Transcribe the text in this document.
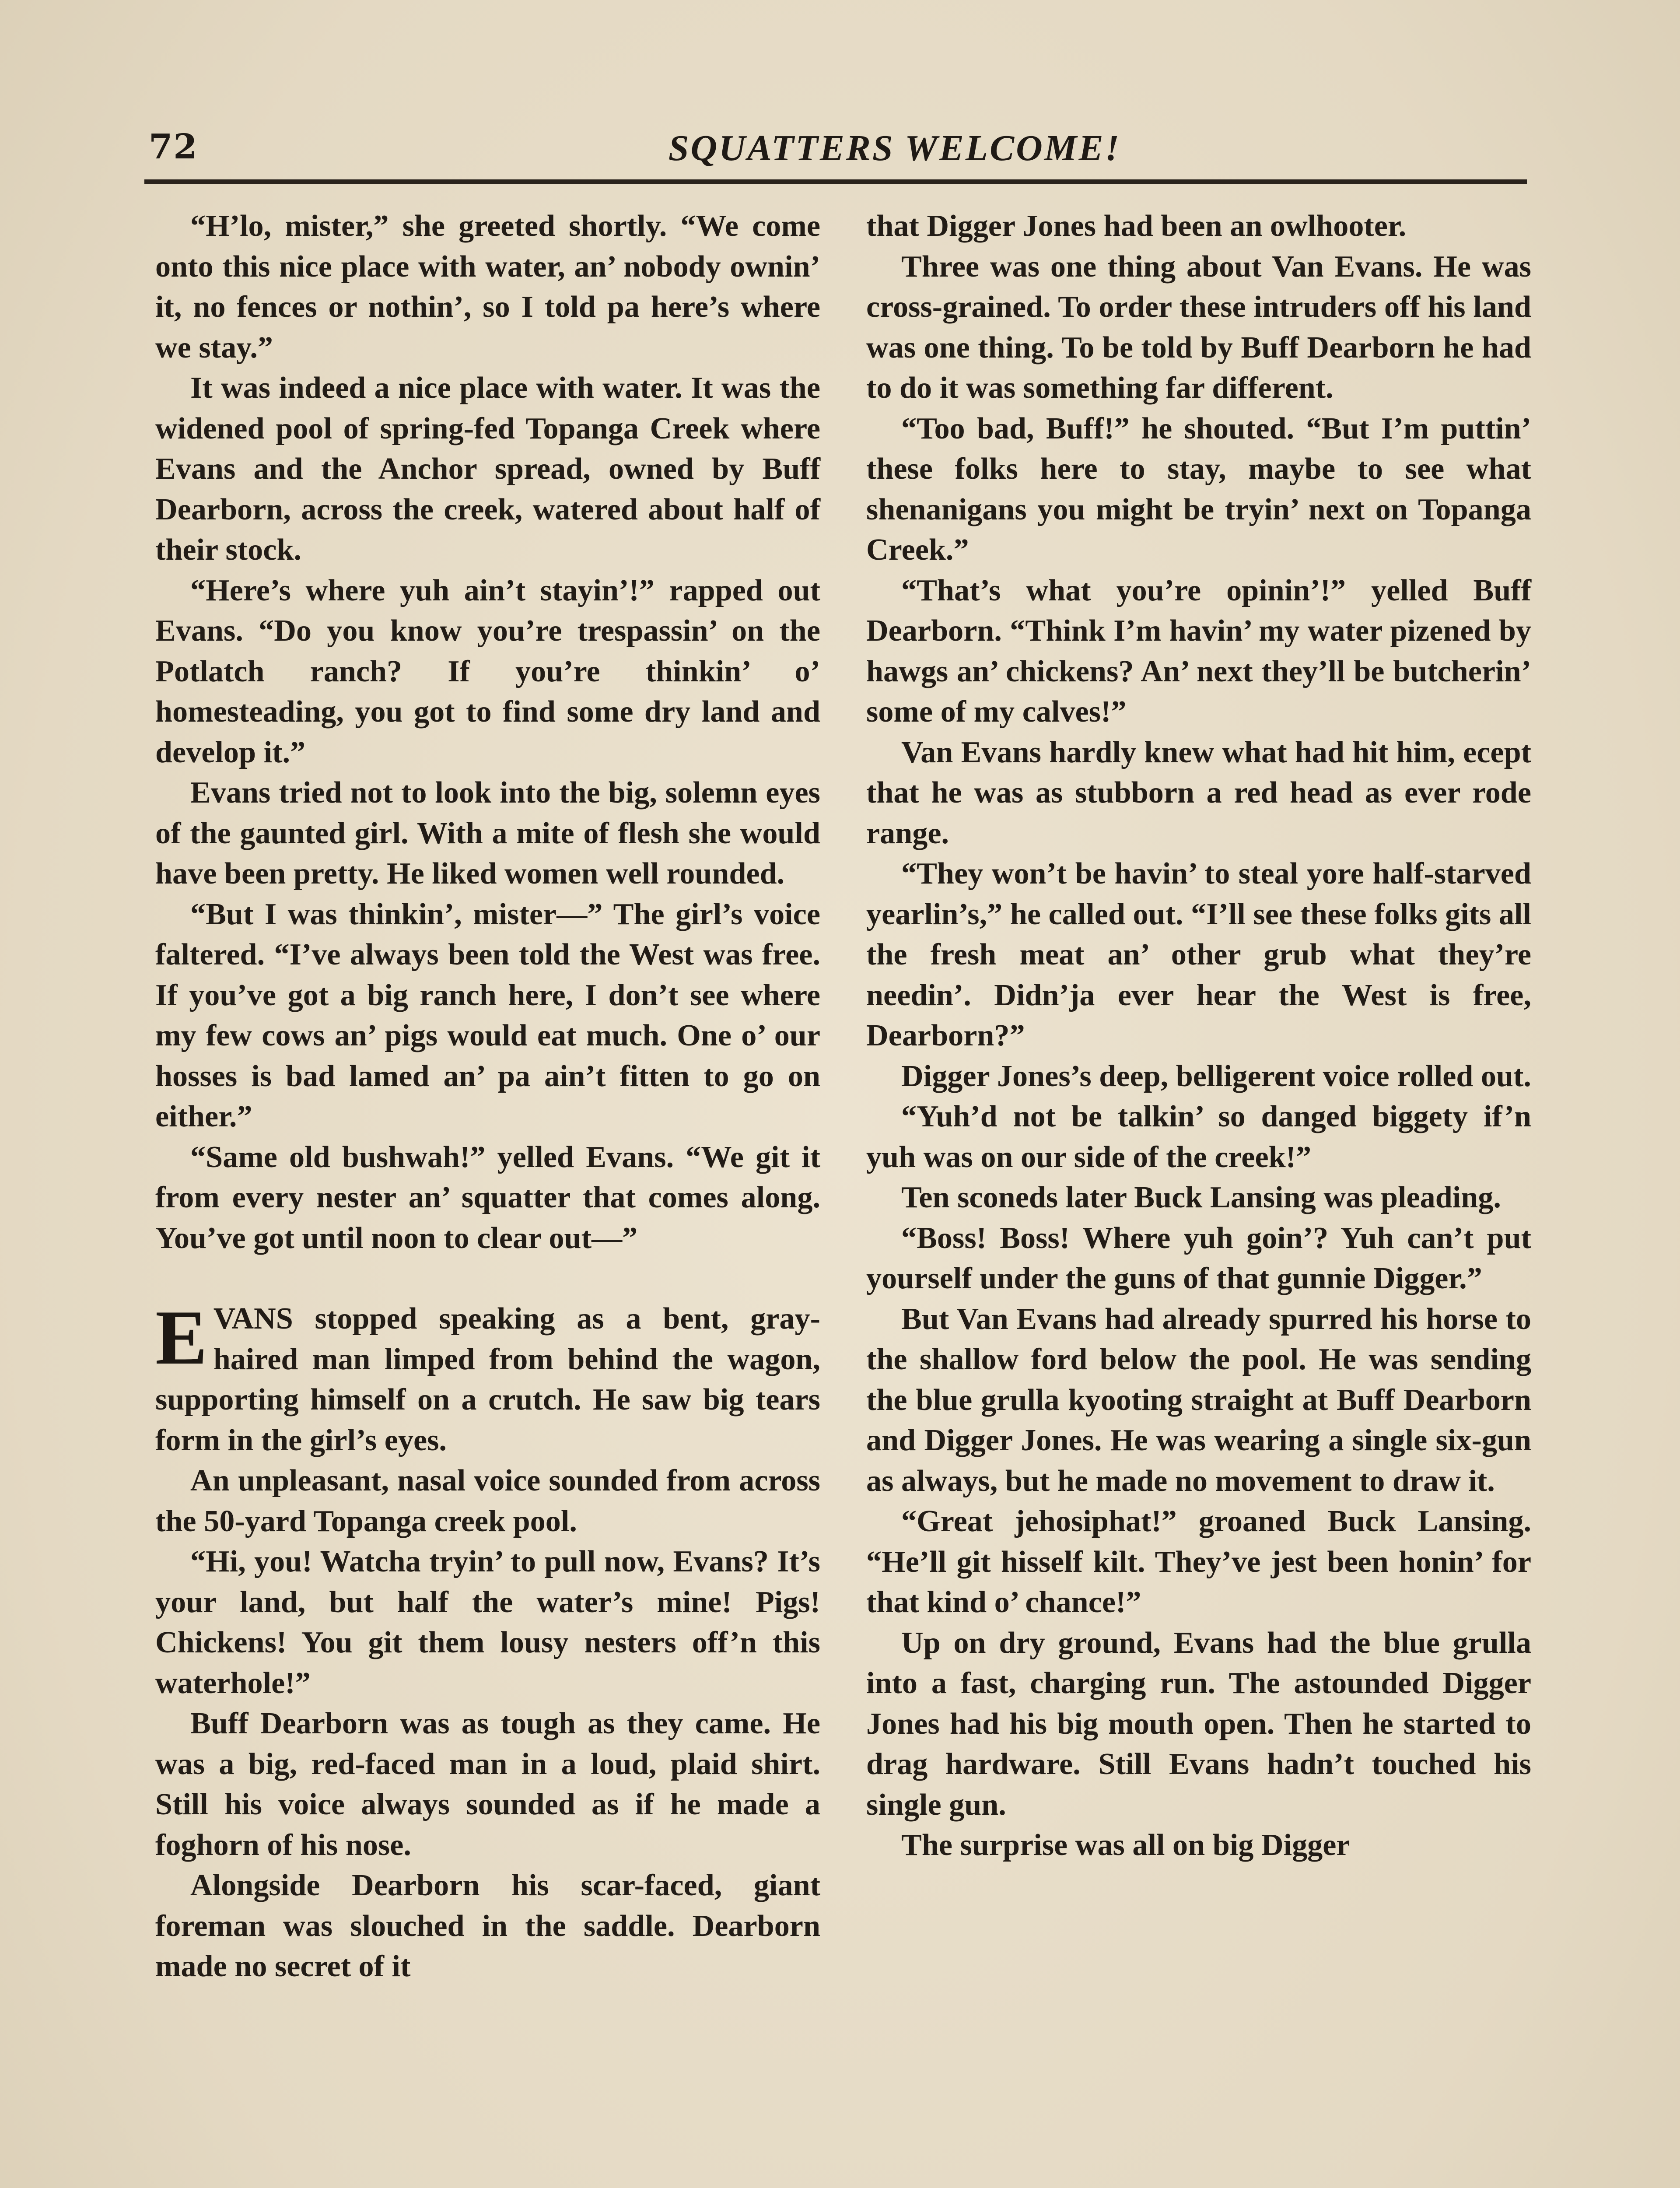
72	SQUATTERS WELCOME!

“H’lo, mister,” she greeted shortly. “We come onto this nice place with water, an’ nobody ownin’ it, no fences or nothin’, so I told pa here’s where we stay.”

It was indeed a nice place with water. It was the widened pool of spring-fed Topanga Creek where Evans and the Anchor spread, owned by Buff Dearborn, across the creek, watered about half of their stock.

“Here’s where yuh ain’t stayin’!” rapped out Evans. “Do you know you’re trespassin’ on the Potlatch ranch? If you’re thinkin’ o’ homesteading, you got to find some dry land and develop it.”

Evans tried not to look into the big, solemn eyes of the gaunted girl. With a mite of flesh she would have been pretty. He liked women well rounded.

“But I was thinkin’, mister—” The girl’s voice faltered. “I’ve always been told the West was free. If you’ve got a big ranch here, I don’t see where my few cows an’ pigs would eat much. One o’ our hosses is bad lamed an’ pa ain’t fitten to go on either.”

“Same old bushwah!” yelled Evans. “We git it from every nester an’ squatter that comes along. You’ve got until noon to clear out—”

EVANS stopped speaking as a bent, gray-haired man limped from behind the wagon, supporting himself on a crutch. He saw big tears form in the girl’s eyes.

An unpleasant, nasal voice sounded from across the 50-yard Topanga creek pool.

“Hi, you! Watcha tryin’ to pull now, Evans? It’s your land, but half the water’s mine! Pigs! Chickens! You git them lousy nesters off’n this waterhole!”

Buff Dearborn was as tough as they came. He was a big, red-faced man in a loud, plaid shirt. Still his voice always sounded as if he made a foghorn of his nose.

Alongside Dearborn his scar-faced, giant foreman was slouched in the saddle. Dearborn made no secret of it

that Digger Jones had been an owlhooter.

Three was one thing about Van Evans. He was cross-grained. To order these intruders off his land was one thing. To be told by Buff Dearborn he had to do it was something far different.

“Too bad, Buff!” he shouted. “But I’m puttin’ these folks here to stay, maybe to see what shenanigans you might be tryin’ next on Topanga Creek.”

“That’s what you’re opinin’!” yelled Buff Dearborn. “Think I’m havin’ my water pizened by hawgs an’ chickens? An’ next they’ll be butcherin’ some of my calves!”

Van Evans hardly knew what had hit him, ecept that he was as stubborn a red head as ever rode range.

“They won’t be havin’ to steal yore half-starved yearlin’s,” he called out. “I’ll see these folks gits all the fresh meat an’ other grub what they’re needin’. Didn’ja ever hear the West is free, Dearborn?”

Digger Jones’s deep, belligerent voice rolled out.

“Yuh’d not be talkin’ so danged biggety if’n yuh was on our side of the creek!”

Ten sconeds later Buck Lansing was pleading.

“Boss! Boss! Where yuh goin’? Yuh can’t put yourself under the guns of that gunnie Digger.”

But Van Evans had already spurred his horse to the shallow ford below the pool. He was sending the blue grulla kyooting straight at Buff Dearborn and Digger Jones. He was wearing a single six-gun as always, but he made no movement to draw it.

“Great jehosiphat!” groaned Buck Lansing. “He’ll git hisself kilt. They’ve jest been honin’ for that kind o’ chance!”

Up on dry ground, Evans had the blue grulla into a fast, charging run. The astounded Digger Jones had his big mouth open. Then he started to drag hardware. Still Evans hadn’t touched his single gun.

The surprise was all on big Digger
